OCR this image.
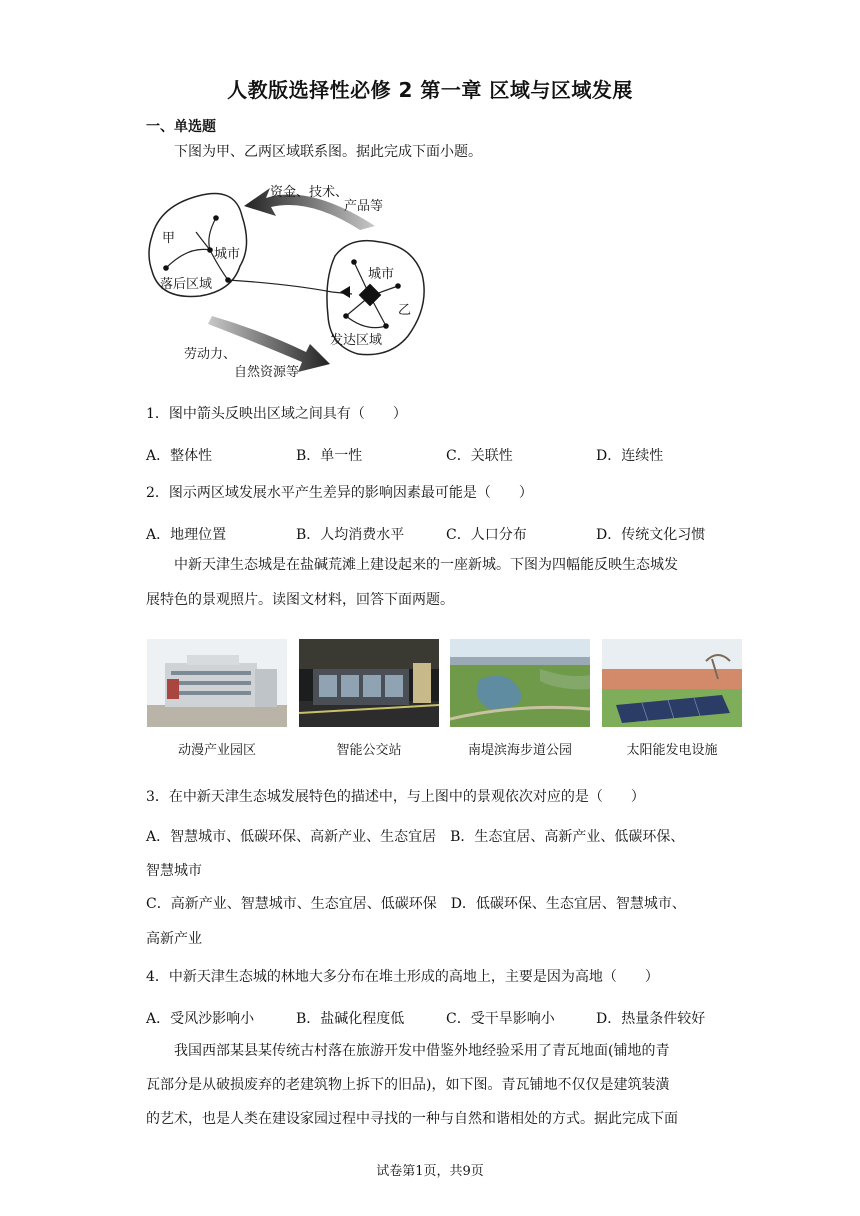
人教版选择性必修 2 第一章 区域与区域发展
一、单选题
下图为甲、乙两区域联系图。据此完成下面小题。
资金、技术、
产品等
甲
城市
落后区域
城市
乙
发达区域
劳动力、
自然资源等
1．图中箭头反映出区域之间具有（　　）
A．整体性	B．单一性	C．关联性	D．连续性
2．图示两区域发展水平产生差异的影响因素最可能是（　　）
A．地理位置	B．人均消费水平	C．人口分布	D．传统文化习惯
中新天津生态城是在盐碱荒滩上建设起来的一座新城。下图为四幅能反映生态城发
展特色的景观照片。读图文材料，回答下面两题。
动漫产业园区	智能公交站	南堤滨海步道公园	太阳能发电设施
3．在中新天津生态城发展特色的描述中，与上图中的景观依次对应的是（　　）
A．智慧城市、低碳环保、高新产业、生态宜居　B．生态宜居、高新产业、低碳环保、
智慧城市
C．高新产业、智慧城市、生态宜居、低碳环保　D．低碳环保、生态宜居、智慧城市、
高新产业
4．中新天津生态城的林地大多分布在堆土形成的高地上，主要是因为高地（　　）
A．受风沙影响小	B．盐碱化程度低	C．受干旱影响小	D．热量条件较好
我国西部某县某传统古村落在旅游开发中借鉴外地经验采用了青瓦地面(铺地的青
瓦部分是从破损废弃的老建筑物上拆下的旧品)，如下图。青瓦铺地不仅仅是建筑装潢
的艺术，也是人类在建设家园过程中寻找的一种与自然和谐相处的方式。据此完成下面
试卷第1页，共9页
